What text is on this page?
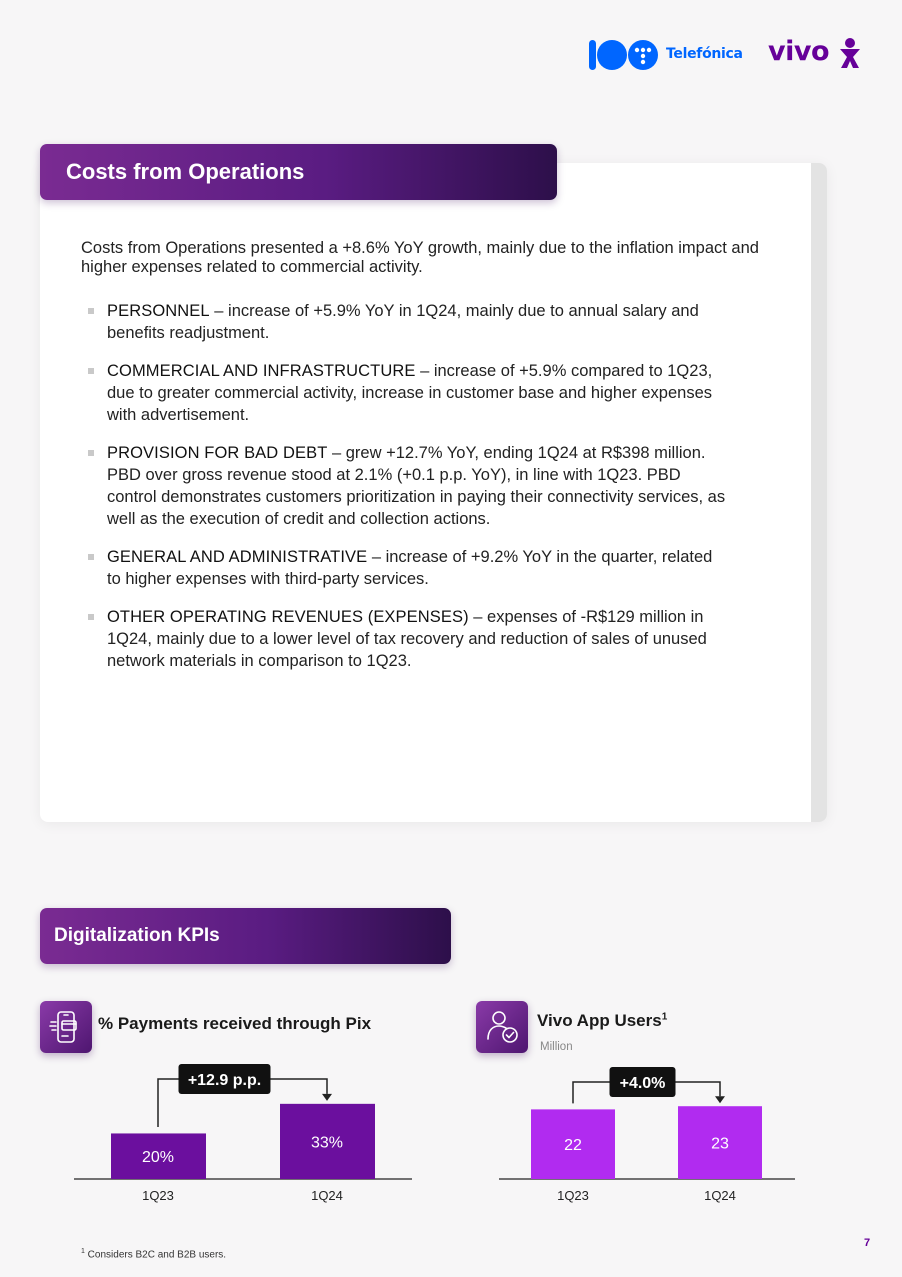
Telefónica vivo
Costs from Operations

Costs from Operations presented a +8.6% YoY growth, mainly due to the inflation impact and higher expenses related to commercial activity.

PERSONNEL – increase of +5.9% YoY in 1Q24, mainly due to annual salary and benefits readjustment.
COMMERCIAL AND INFRASTRUCTURE – increase of +5.9% compared to 1Q23, due to greater commercial activity, increase in customer base and higher expenses with advertisement.
PROVISION FOR BAD DEBT – grew +12.7% YoY, ending 1Q24 at R$398 million. PBD over gross revenue stood at 2.1% (+0.1 p.p. YoY), in line with 1Q23. PBD control demonstrates customers prioritization in paying their connectivity services, as well as the execution of credit and collection actions.
GENERAL AND ADMINISTRATIVE – increase of +9.2% YoY in the quarter, related to higher expenses with third-party services.
OTHER OPERATING REVENUES (EXPENSES) – expenses of -R$129 million in 1Q24, mainly due to a lower level of tax recovery and reduction of sales of unused network materials in comparison to 1Q23.
Digitalization KPIs
% Payments received through Pix	Vivo App Users$^1$
Million
20%
33%
1Q23	1Q24
+12.9 p.p.
22	23
1Q23	1Q24
+4.0%
$^1$ Considers B2C and B2B users.
7
